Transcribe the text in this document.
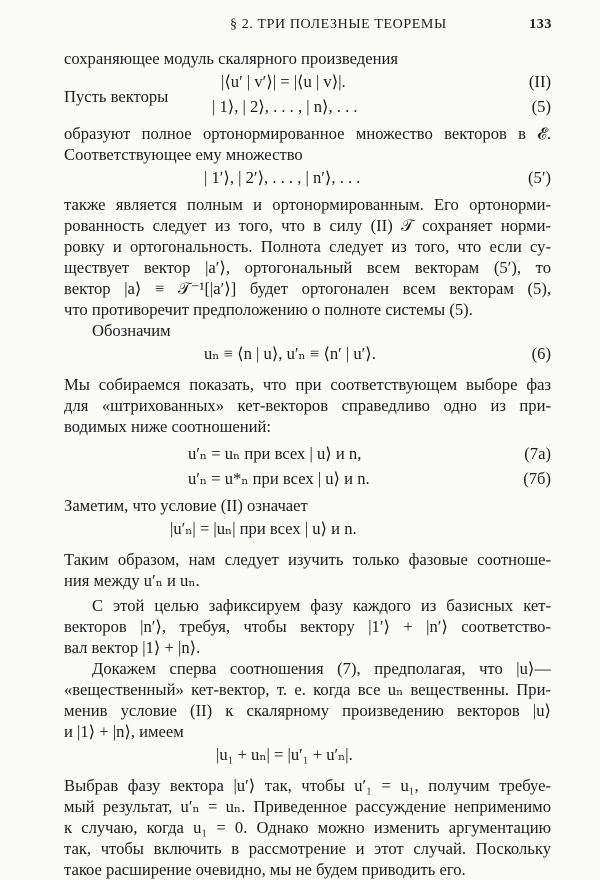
§ 2. ТРИ ПОЛЕЗНЫЕ ТЕОРЕМЫ	133
сохраняющее модуль скалярного произведения
|⟨u′ | v′⟩| = |⟨u | v⟩|.	(II)
Пусть векторы
| 1⟩, | 2⟩, . . . , | n⟩, . . .	(5)
образуют полное ортонормированное множество векторов в 𝓔.
Соответствующее ему множество
| 1′⟩, | 2′⟩, . . . , | n′⟩, . . .	(5′)
также является полным и ортонормированным. Его ортонорми-
рованность следует из того, что в силу (II) 𝒯 сохраняет норми-
ровку и ортогональность. Полнота следует из того, что если су-
ществует вектор |a′⟩, ортогональный всем векторам (5′), то
вектор |a⟩ ≡ 𝒯⁻¹[|a′⟩] будет ортогонален всем векторам (5),
что противоречит предположению о полноте системы (5).
Обозначим
uₙ ≡ ⟨n | u⟩, u′ₙ ≡ ⟨n′ | u′⟩.	(6)
Мы собираемся показать, что при соответствующем выборе фаз
для «штрихованных» кет-векторов справедливо одно из при-
водимых ниже соотношений:
u′ₙ = uₙ при всех | u⟩ и n,	(7а)
u′ₙ = u*ₙ при всех | u⟩ и n.	(7б)
Заметим, что условие (II) означает
|u′ₙ| = |uₙ| при всех | u⟩ и n.
Таким образом, нам следует изучить только фазовые соотноше-
ния между u′ₙ и uₙ.
С этой целью зафиксируем фазу каждого из базисных кет-
векторов |n′⟩, требуя, чтобы вектору |1′⟩ + |n′⟩ соответство-
вал вектор |1⟩ + |n⟩.
Докажем сперва соотношения (7), предполагая, что |u⟩—
«вещественный» кет-вектор, т. е. когда все uₙ вещественны. При-
менив условие (II) к скалярному произведению векторов |u⟩
и |1⟩ + |n⟩, имеем
|u₁ + uₙ| = |u′₁ + u′ₙ|.
Выбрав фазу вектора |u′⟩ так, чтобы u′₁ = u₁, получим требуе-
мый результат, u′ₙ = uₙ. Приведенное рассуждение неприменимо
к случаю, когда u₁ = 0. Однако можно изменить аргументацию
так, чтобы включить в рассмотрение и этот случай. Поскольку
такое расширение очевидно, мы не будем приводить его.
